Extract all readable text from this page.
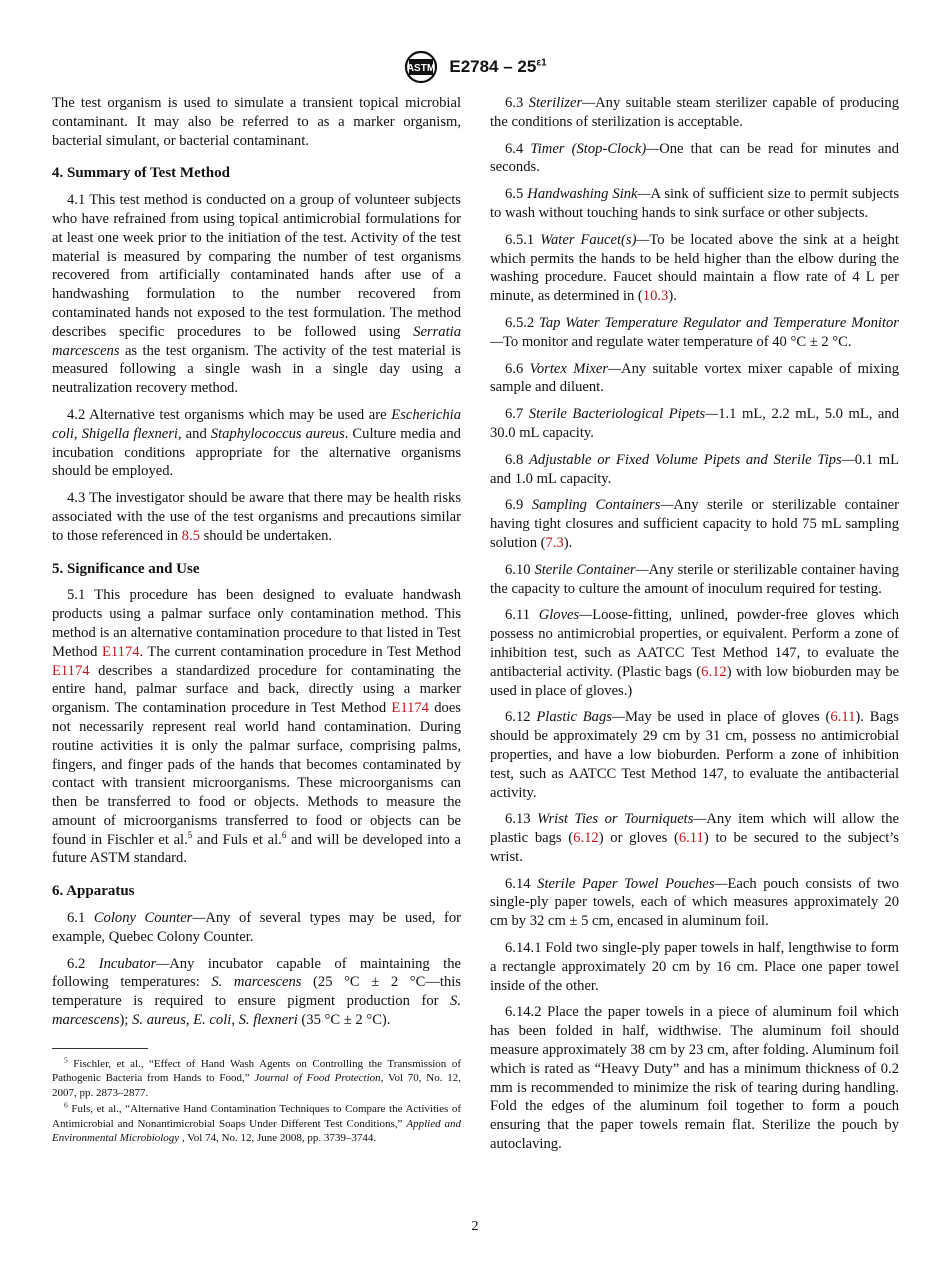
ASTM $E2784 - 25^{\varepsilon 1}$

The test organism is used to simulate a transient topical microbial contaminant. It may also be referred to as a marker organism, bacterial simulant, or bacterial contaminant.

4. Summary of Test Method

4.1 This test method is conducted on a group of volunteer subjects who have refrained from using topical antimicrobial formulations for at least one week prior to the initiation of the test. Activity of the test material is measured by comparing the number of test organisms recovered from artificially contaminated hands after use of a handwashing formulation to the number recovered from contaminated hands not exposed to the test formulation. The method describes specific procedures to be followed using Serratia marcescens as the test organism. The activity of the test material is measured following a single wash in a single day using a neutralization recovery method.

4.2 Alternative test organisms which may be used are Escherichia coli, Shigella flexneri, and Staphylococcus aureus. Culture media and incubation conditions appropriate for the alternative organisms should be employed.

4.3 The investigator should be aware that there may be health risks associated with the use of the test organisms and precautions similar to those referenced in 8.5 should be undertaken.

5. Significance and Use

5.1 This procedure has been designed to evaluate handwash products using a palmar surface only contamination method. This method is an alternative contamination procedure to that listed in Test Method E1174. The current contamination procedure in Test Method E1174 describes a standardized procedure for contaminating the entire hand, palmar surface and back, directly using a marker organism. The contamination procedure in Test Method E1174 does not necessarily represent real world hand contamination. During routine activities it is only the palmar surface, comprising palms, fingers, and finger pads of the hands that becomes contaminated by contact with transient microorganisms. These microorganisms can then be transferred to food or objects. Methods to measure the amount of microorganisms transferred to food or objects can be found in Fischler et al.$^5$ and Fuls et al.$^6$ and will be developed into a future ASTM standard.

6. Apparatus

6.1 Colony Counter—Any of several types may be used, for example, Quebec Colony Counter.

6.2 Incubator—Any incubator capable of maintaining the following temperatures: S. marcescens (25 °C ± 2 °C—this temperature is required to ensure pigment production for S. marcescens); S. aureus, E. coli, S. flexneri (35 °C ± 2 °C).

$^5$ Fischler, et al., “Effect of Hand Wash Agents on Controlling the Transmission of Pathogenic Bacteria from Hands to Food,” Journal of Food Protection, Vol 70, No. 12, 2007, pp. 2873–2877.

$^6$ Fuls, et al., “Alternative Hand Contamination Techniques to Compare the Activities of Antimicrobial and Nonantimicrobial Soaps Under Different Test Conditions,” Applied and Environmental Microbiology , Vol 74, No. 12, June 2008, pp. 3739–3744.

6.3 Sterilizer—Any suitable steam sterilizer capable of producing the conditions of sterilization is acceptable.

6.4 Timer (Stop-Clock)—One that can be read for minutes and seconds.

6.5 Handwashing Sink—A sink of sufficient size to permit subjects to wash without touching hands to sink surface or other subjects.

6.5.1 Water Faucet(s)—To be located above the sink at a height which permits the hands to be held higher than the elbow during the washing procedure. Faucet should maintain a flow rate of 4 L per minute, as determined in (10.3).

6.5.2 Tap Water Temperature Regulator and Temperature Monitor—To monitor and regulate water temperature of 40 °C ± 2 °C.

6.6 Vortex Mixer—Any suitable vortex mixer capable of mixing sample and diluent.

6.7 Sterile Bacteriological Pipets—1.1 mL, 2.2 mL, 5.0 mL, and 30.0 mL capacity.

6.8 Adjustable or Fixed Volume Pipets and Sterile Tips—0.1 mL and 1.0 mL capacity.

6.9 Sampling Containers—Any sterile or sterilizable container having tight closures and sufficient capacity to hold 75 mL sampling solution (7.3).

6.10 Sterile Container—Any sterile or sterilizable container having the capacity to culture the amount of inoculum required for testing.

6.11 Gloves—Loose-fitting, unlined, powder-free gloves which possess no antimicrobial properties, or equivalent. Perform a zone of inhibition test, such as AATCC Test Method 147, to evaluate the antibacterial activity. (Plastic bags (6.12) with low bioburden may be used in place of gloves.)

6.12 Plastic Bags—May be used in place of gloves (6.11). Bags should be approximately 29 cm by 31 cm, possess no antimicrobial properties, and have a low bioburden. Perform a zone of inhibition test, such as AATCC Test Method 147, to evaluate the antibacterial activity.

6.13 Wrist Ties or Tourniquets—Any item which will allow the plastic bags (6.12) or gloves (6.11) to be secured to the subject’s wrist.

6.14 Sterile Paper Towel Pouches—Each pouch consists of two single-ply paper towels, each of which measures approximately 20 cm by 32 cm ± 5 cm, encased in aluminum foil.

6.14.1 Fold two single-ply paper towels in half, lengthwise to form a rectangle approximately 20 cm by 16 cm. Place one paper towel inside of the other.

6.14.2 Place the paper towels in a piece of aluminum foil which has been folded in half, widthwise. The aluminum foil should measure approximately 38 cm by 23 cm, after folding. Aluminum foil which is rated as “Heavy Duty” and has a minimum thickness of 0.2 mm is recommended to minimize the risk of tearing during handling. Fold the edges of the aluminum foil together to form a pouch ensuring that the paper towels remain flat. Sterilize the pouch by autoclaving.

2
